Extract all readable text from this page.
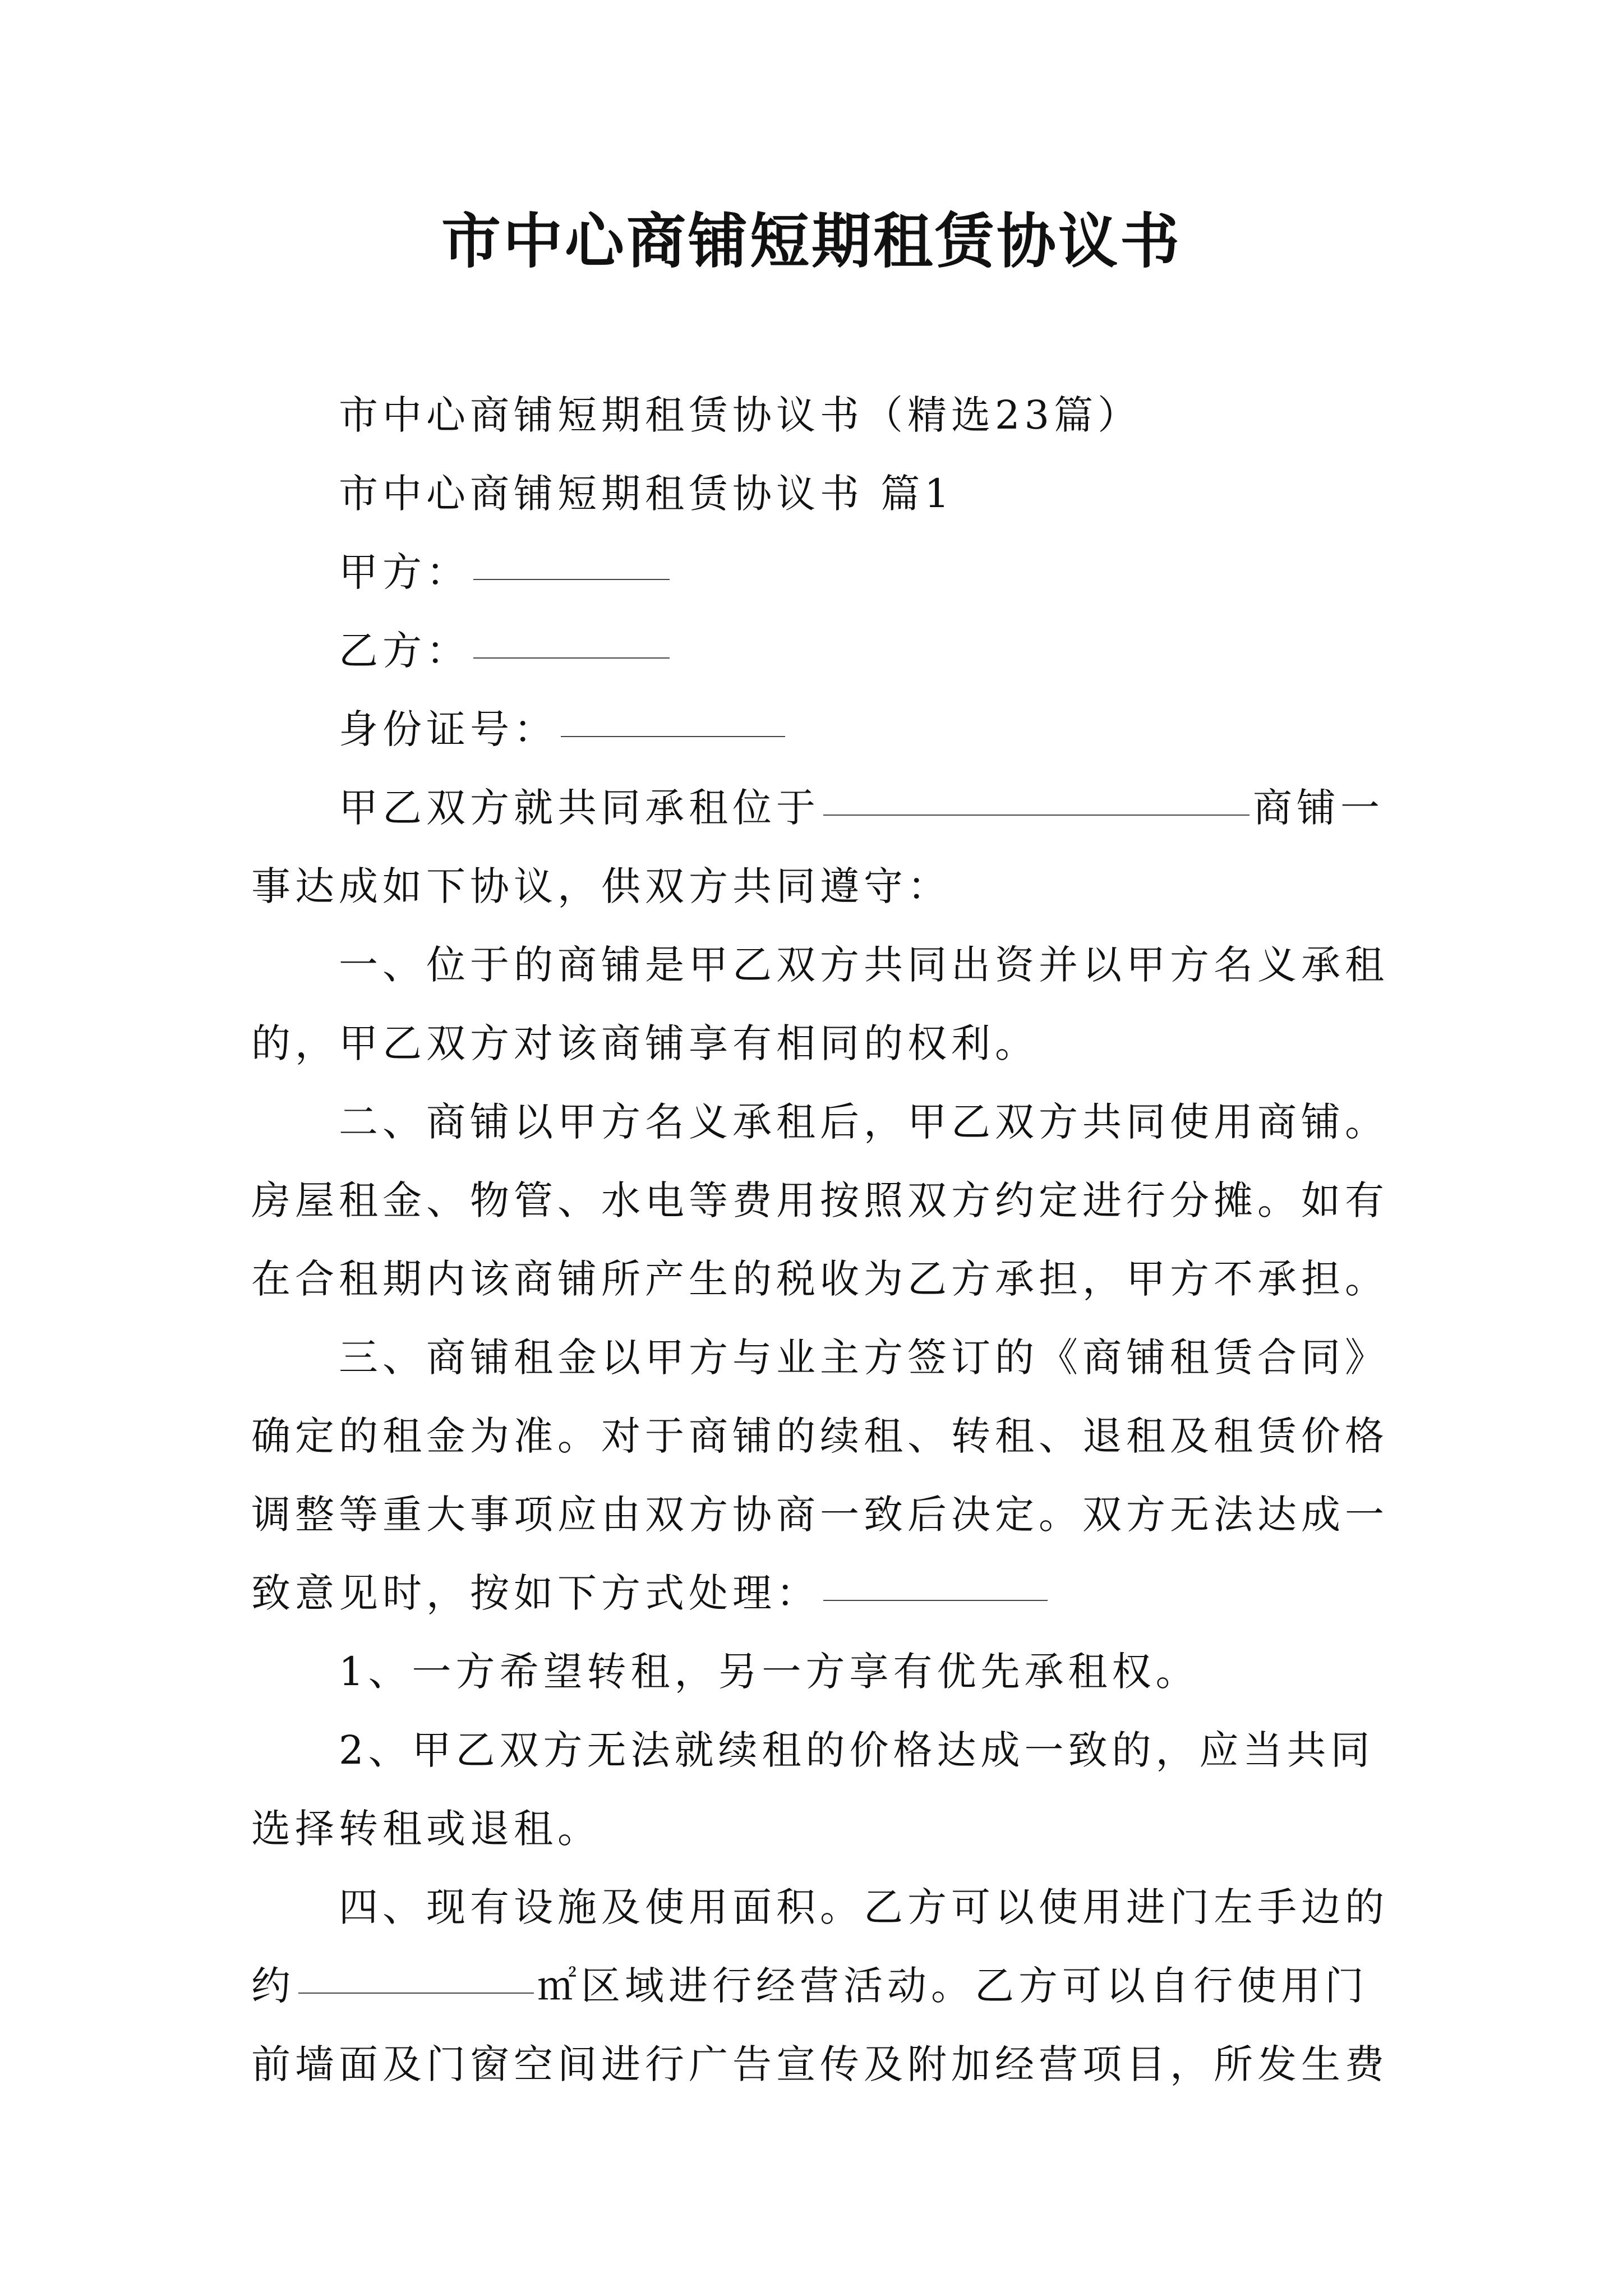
市中心商铺短期租赁协议书
市中心商铺短期租赁协议书（精选23篇）
市中心商铺短期租赁协议书 篇1
甲方：
乙方：
身份证号：
甲乙双方就共同承租位于	商铺一
事达成如下协议，供双方共同遵守：
一、位于的商铺是甲乙双方共同出资并以甲方名义承租
的，甲乙双方对该商铺享有相同的权利。
二、商铺以甲方名义承租后，甲乙双方共同使用商铺。
房屋租金、物管、水电等费用按照双方约定进行分摊。如有
在合租期内该商铺所产生的税收为乙方承担，甲方不承担。
三、商铺租金以甲方与业主方签订的《商铺租赁合同》
确定的租金为准。对于商铺的续租、转租、退租及租赁价格
调整等重大事项应由双方协商一致后决定。双方无法达成一
致意见时，按如下方式处理：
1、一方希望转租，另一方享有优先承租权。
2、甲乙双方无法就续租的价格达成一致的，应当共同
选择转租或退租。
四、现有设施及使用面积。乙方可以使用进门左手边的
约	㎡区域进行经营活动。乙方可以自行使用门
前墙面及门窗空间进行广告宣传及附加经营项目，所发生费
